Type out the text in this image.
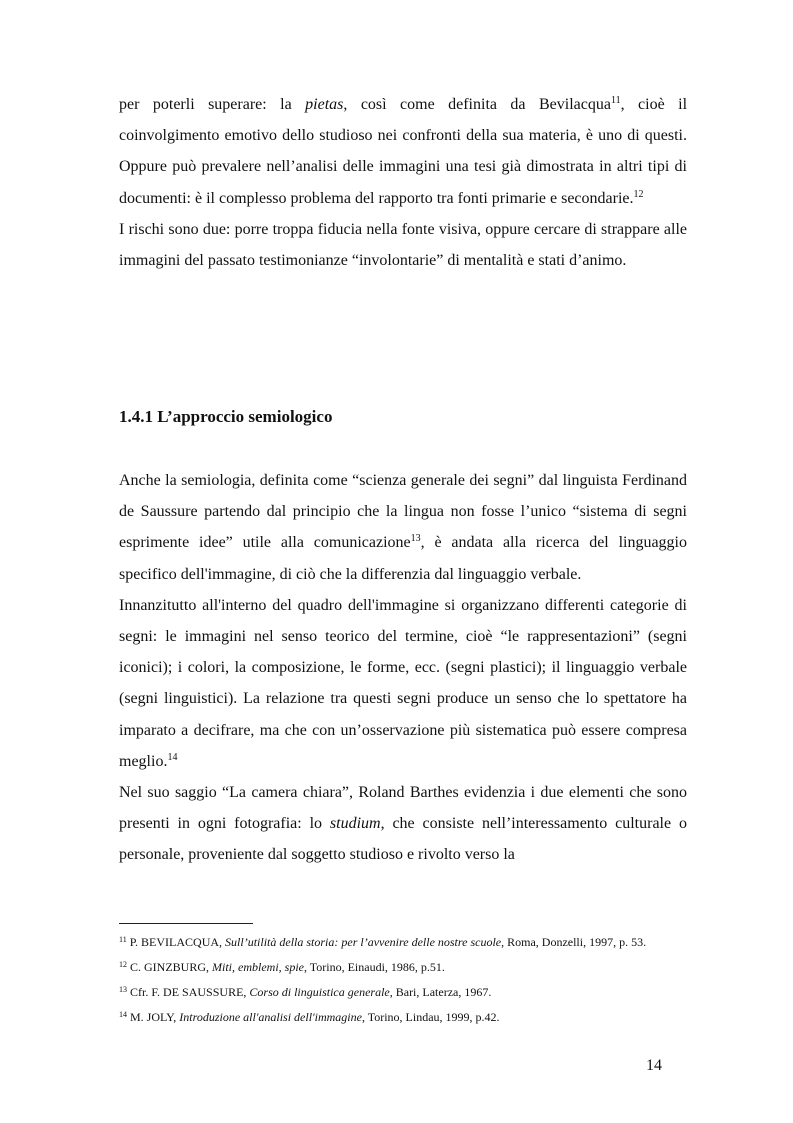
per poterli superare: la pietas, così come definita da Bevilacqua$^{11}$, cioè il coinvolgimento emotivo dello studioso nei confronti della sua materia, è uno di questi. Oppure può prevalere nell’analisi delle immagini una tesi già dimostrata in altri tipi di documenti: è il complesso problema del rapporto tra fonti primarie e secondarie.$^{12}$

I rischi sono due: porre troppa fiducia nella fonte visiva, oppure cercare di strappare alle immagini del passato testimonianze “involontarie” di mentalità e stati d’animo.

1.4.1 L’approccio semiologico

Anche la semiologia, definita come “scienza generale dei segni” dal linguista Ferdinand de Saussure partendo dal principio che la lingua non fosse l’unico “sistema di segni esprimente idee” utile alla comunicazione$^{13}$, è andata alla ricerca del linguaggio specifico dell'immagine, di ciò che la differenzia dal linguaggio verbale.

Innanzitutto all'interno del quadro dell'immagine si organizzano differenti categorie di segni: le immagini nel senso teorico del termine, cioè “le rappresentazioni” (segni iconici); i colori, la composizione, le forme, ecc. (segni plastici); il linguaggio verbale (segni linguistici). La relazione tra questi segni produce un senso che lo spettatore ha imparato a decifrare, ma che con un’osservazione più sistematica può essere compresa meglio.$^{14}$

Nel suo saggio “La camera chiara”, Roland Barthes evidenzia i due elementi che sono presenti in ogni fotografia: lo studium, che consiste nell’interessamento culturale o personale, proveniente dal soggetto studioso e rivolto verso la

$^{11}$ P. BEVILACQUA, Sull’utilità della storia: per l’avvenire delle nostre scuole, Roma, Donzelli, 1997, p. 53.

$^{12}$ C. GINZBURG, Miti, emblemi, spie, Torino, Einaudi, 1986, p.51.

$^{13}$ Cfr. F. DE SAUSSURE, Corso di linguistica generale, Bari, Laterza, 1967.

$^{14}$ M. JOLY, Introduzione all'analisi dell'immagine, Torino, Lindau, 1999, p.42.

14
